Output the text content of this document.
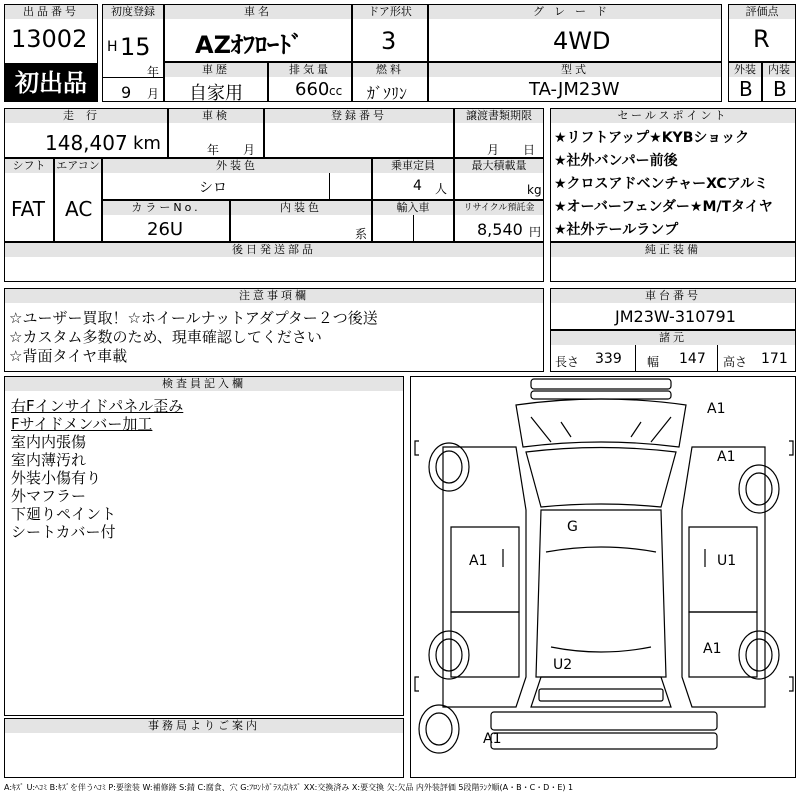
出品番号
13002
初出品
初度登録
H 15
年
9 月
車名
AZｵﾌﾛｰﾄﾞ
ドア形状
3
グレード
4WD
評価点
R
車歴
自家用
排気量
660 cc
燃料
ｶﾞｿﾘﾝ
型式
TA-JM23W
外装
B
内装
B
走行
148,407 km
車検
年 月
登録番号	譲渡書類期限
月 日
シフト
FAT
エアコン
AC
外装色
シロ
乗車定員
4 人
最大積載量
kg
カラーNo.
26U
内装色
系
輸入車	リサイクル預託金
8,540 円
後日発送部品
セールスポイント
★リフトアップ★KYBショック
★社外バンパー前後
★クロスアドベンチャーXCアルミ
★オーバーフェンダー★M/Tタイヤ
★社外テールランプ
純正装備
注意事項欄
☆ユーザー買取！☆ホイールナットアダプター２つ後送
☆カスタム多数のため、現車確認してください
☆背面タイヤ車載
車台番号
JM23W-310791
諸元
長さ 339 幅 147 高さ 171
検査員記入欄
右Fインサイドパネル歪み
Fサイドメンバー加工
室内内張傷
室内薄汚れ
外装小傷有り
外マフラー
下廻りペイント
シートカバー付
事務局よりご案内
A1
A1
G
A1	U1
A1
U2
A1
A:ｷｽﾞ U:ﾍｺﾐ B:ｷｽﾞを伴うﾍｺﾐ P:要塗装 W:補修跡 S:錆 C:腐食、穴 G:ﾌﾛﾝﾄｶﾞﾗｽ点ｷｽﾞ XX:交換済み X:要交換 欠:欠品 内外装評価 5段階ﾗﾝｸ順(A・B・C・D・E) 1
